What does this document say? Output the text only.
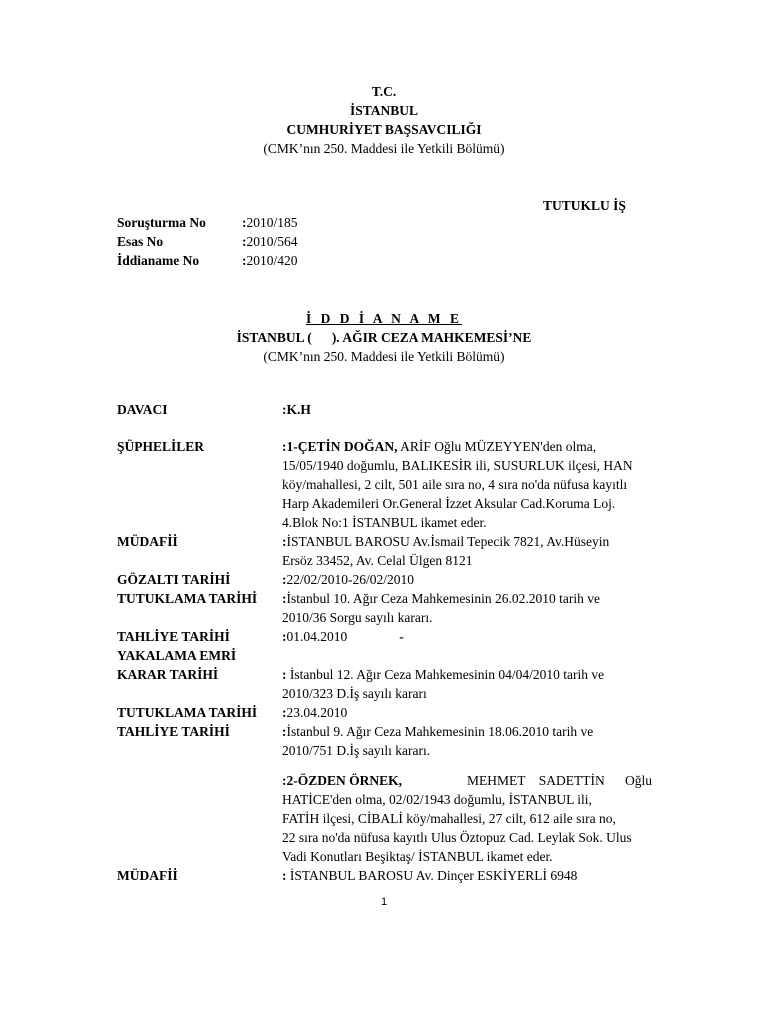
T.C.
İSTANBUL
CUMHURİYET BAŞSAVCILIĞI
(CMK’nın 250. Maddesi ile Yetkili Bölümü)
TUTUKLU İŞ
Soruşturma No	:2010/185
Esas No	:2010/564
İddianame No	:2010/420
İ D D İ A N A M E
İSTANBUL ( ). AĞIR CEZA MAHKEMESİ’NE
(CMK’nın 250. Maddesi ile Yetkili Bölümü)
DAVACI	:K.H
ŞÜPHELİLER	:1-ÇETİN DOĞAN, ARİF Oğlu MÜZEYYEN'den olma,
15/05/1940 doğumlu, BALIKESİR ili, SUSURLUK ilçesi, HAN
köy/mahallesi, 2 cilt, 501 aile sıra no, 4 sıra no'da nüfusa kayıtlı
Harp Akademileri Or.General İzzet Aksular Cad.Koruma Loj.
4.Blok No:1 İSTANBUL ikamet eder.
MÜDAFİİ	:İSTANBUL BAROSU Av.İsmail Tepecik 7821, Av.Hüseyin
Ersöz 33452, Av. Celal Ülgen 8121
GÖZALTI TARİHİ	:22/02/2010-26/02/2010
TUTUKLAMA TARİHİ	:İstanbul 10. Ağır Ceza Mahkemesinin 26.02.2010 tarih ve
2010/36 Sorgu sayılı kararı.
TAHLİYE TARİHİ	:01.04.2010	-
YAKALAMA EMRİ
KARAR TARİHİ	: İstanbul 12. Ağır Ceza Mahkemesinin 04/04/2010 tarih ve
2010/323 D.İş sayılı kararı
TUTUKLAMA TARİHİ	:23.04.2010
TAHLİYE TARİHİ	:İstanbul 9. Ağır Ceza Mahkemesinin 18.06.2010 tarih ve
2010/751 D.İş sayılı kararı.
:2-ÖZDEN ÖRNEK,	MEHMET    SADETTİN      Oğlu
HATİCE'den olma, 02/02/1943 doğumlu, İSTANBUL ili,
FATİH ilçesi, CİBALİ köy/mahallesi, 27 cilt, 612 aile sıra no,
22 sıra no'da nüfusa kayıtlı Ulus Öztopuz Cad. Leylak Sok. Ulus
Vadi Konutları Beşiktaş/ İSTANBUL ikamet eder.
MÜDAFİİ	: İSTANBUL BAROSU Av. Dinçer ESKİYERLİ 6948
1
